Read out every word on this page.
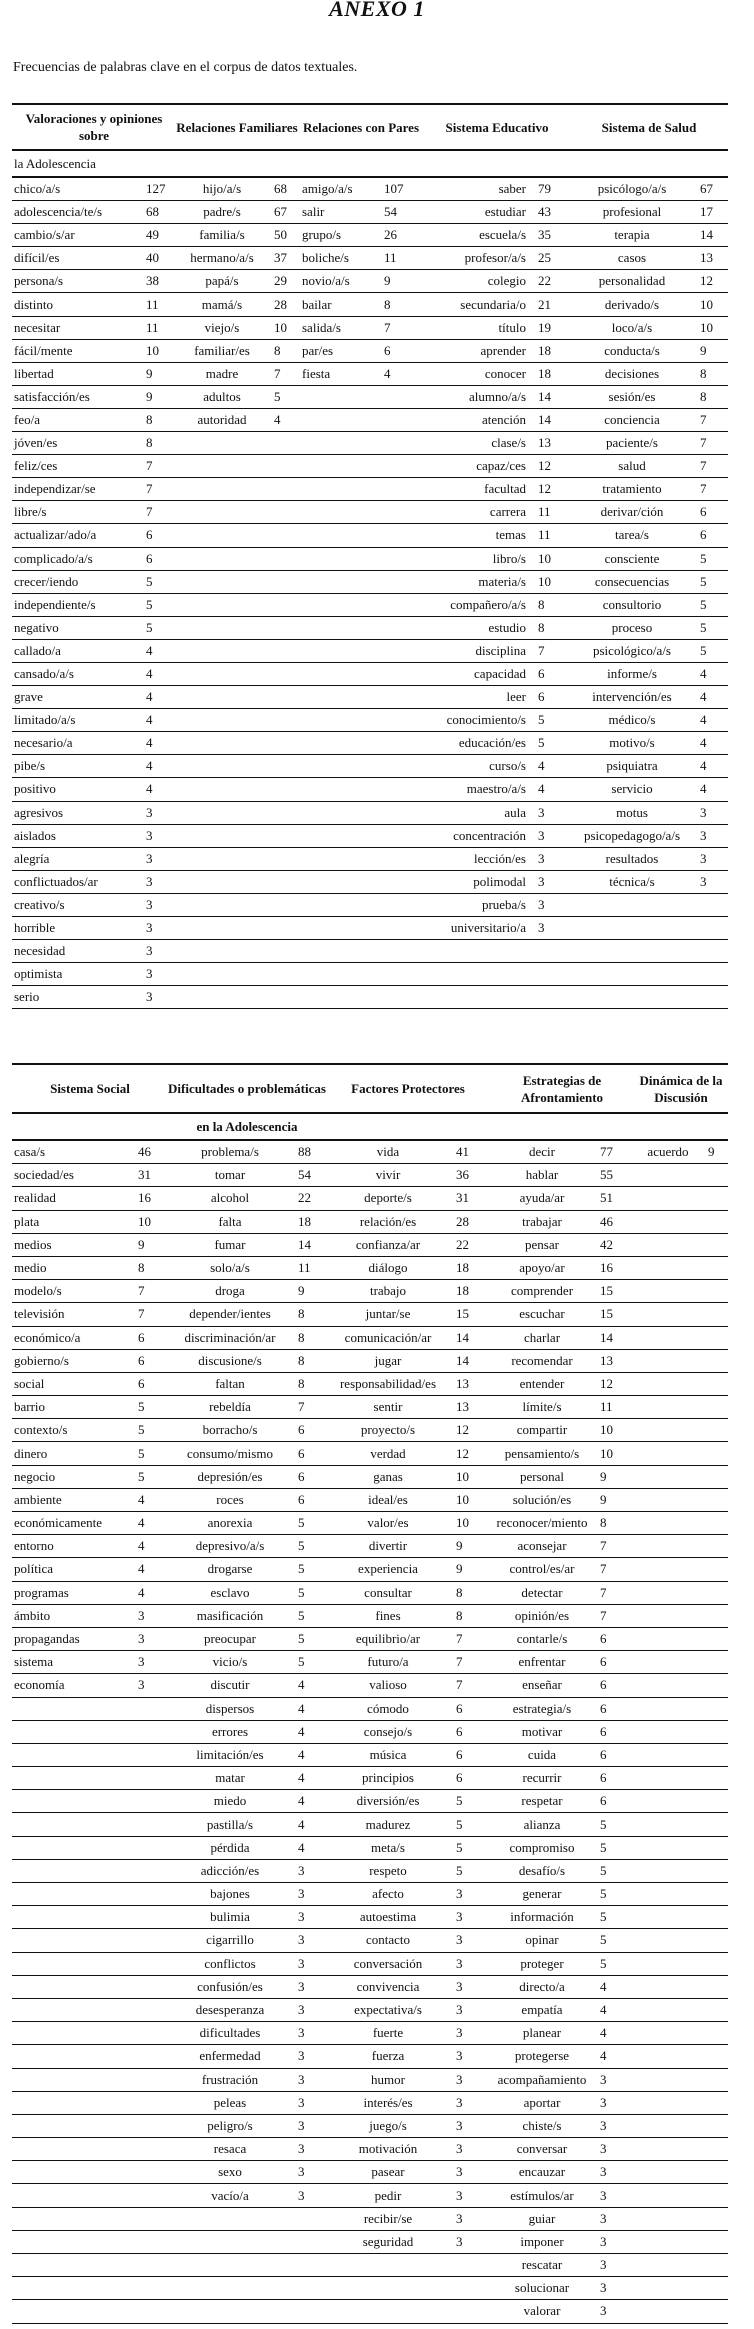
ANEXO 1
Frecuencias de palabras clave en el corpus de datos textuales.
Valoraciones y opiniones sobre		Relaciones Familiares		Relaciones con Pares		Sistema Educativo		Sistema de Salud	
la Adolescencia									
chico/a/s	127	hijo/a/s	68	amigo/a/s	107	saber	79	psicólogo/a/s	67
adolescencia/te/s	68	padre/s	67	salir	54	estudiar	43	profesional	17
cambio/s/ar	49	familia/s	50	grupo/s	26	escuela/s	35	terapia	14
difícil/es	40	hermano/a/s	37	boliche/s	11	profesor/a/s	25	casos	13
persona/s	38	papá/s	29	novio/a/s	9	colegio	22	personalidad	12
distinto	11	mamá/s	28	bailar	8	secundaria/o	21	derivado/s	10
necesitar	11	viejo/s	10	salida/s	7	título	19	loco/a/s	10
fácil/mente	10	familiar/es	8	par/es	6	aprender	18	conducta/s	9
libertad	9	madre	7	fiesta	4	conocer	18	decisiones	8
satisfacción/es	9	adultos	5			alumno/a/s	14	sesión/es	8
feo/a	8	autoridad	4			atención	14	conciencia	7
jóven/es	8					clase/s	13	paciente/s	7
feliz/ces	7					capaz/ces	12	salud	7
independizar/se	7					facultad	12	tratamiento	7
libre/s	7					carrera	11	derivar/ción	6
actualizar/ado/a	6					temas	11	tarea/s	6
complicado/a/s	6					libro/s	10	consciente	5
crecer/iendo	5					materia/s	10	consecuencias	5
independiente/s	5					compañero/a/s	8	consultorio	5
negativo	5					estudio	8	proceso	5
callado/a	4					disciplina	7	psicológico/a/s	5
cansado/a/s	4					capacidad	6	informe/s	4
grave	4					leer	6	intervención/es	4
limitado/a/s	4					conocimiento/s	5	médico/s	4
necesario/a	4					educación/es	5	motivo/s	4
pibe/s	4					curso/s	4	psiquiatra	4
positivo	4					maestro/a/s	4	servicio	4
agresivos	3					aula	3	motus	3
aislados	3					concentración	3	psicopedagogo/a/s	3
alegría	3					lección/es	3	resultados	3
conflictuados/ar	3					polimodal	3	técnica/s	3
creativo/s	3					prueba/s	3		
horrible	3					universitario/a	3		
necesidad	3								
optimista	3								
serio	3								
Sistema Social		Dificultades o problemáticas		Factores Protectores		Estrategias de Afrontamiento		Dinámica de la Discusión	
		en la Adolescencia							
casa/s	46	problema/s	88	vida	41	decir	77	acuerdo	9
sociedad/es	31	tomar	54	vivir	36	hablar	55		
realidad	16	alcohol	22	deporte/s	31	ayuda/ar	51		
plata	10	falta	18	relación/es	28	trabajar	46		
medios	9	fumar	14	confianza/ar	22	pensar	42		
medio	8	solo/a/s	11	diálogo	18	apoyo/ar	16		
modelo/s	7	droga	9	trabajo	18	comprender	15		
televisión	7	depender/ientes	8	juntar/se	15	escuchar	15		
económico/a	6	discriminación/ar	8	comunicación/ar	14	charlar	14		
gobierno/s	6	discusione/s	8	jugar	14	recomendar	13		
social	6	faltan	8	responsabilidad/es	13	entender	12		
barrio	5	rebeldía	7	sentir	13	límite/s	11		
contexto/s	5	borracho/s	6	proyecto/s	12	compartir	10		
dinero	5	consumo/mismo	6	verdad	12	pensamiento/s	10		
negocio	5	depresión/es	6	ganas	10	personal	9		
ambiente	4	roces	6	ideal/es	10	solución/es	9		
económicamente	4	anorexia	5	valor/es	10	reconocer/miento	8		
entorno	4	depresivo/a/s	5	divertir	9	aconsejar	7		
política	4	drogarse	5	experiencia	9	control/es/ar	7		
programas	4	esclavo	5	consultar	8	detectar	7		
ámbito	3	masificación	5	fines	8	opinión/es	7		
propagandas	3	preocupar	5	equilibrio/ar	7	contarle/s	6		
sistema	3	vicio/s	5	futuro/a	7	enfrentar	6		
economía	3	discutir	4	valioso	7	enseñar	6		
		dispersos	4	cómodo	6	estrategia/s	6		
		errores	4	consejo/s	6	motivar	6		
		limitación/es	4	música	6	cuida	6		
		matar	4	principios	6	recurrir	6		
		miedo	4	diversión/es	5	respetar	6		
		pastilla/s	4	madurez	5	alianza	5		
		pérdida	4	meta/s	5	compromiso	5		
		adicción/es	3	respeto	5	desafío/s	5		
		bajones	3	afecto	3	generar	5		
		bulimia	3	autoestima	3	información	5		
		cigarrillo	3	contacto	3	opinar	5		
		conflictos	3	conversación	3	proteger	5		
		confusión/es	3	convivencia	3	directo/a	4		
		desesperanza	3	expectativa/s	3	empatía	4		
		dificultades	3	fuerte	3	planear	4		
		enfermedad	3	fuerza	3	protegerse	4		
		frustración	3	humor	3	acompañamiento	3		
		peleas	3	interés/es	3	aportar	3		
		peligro/s	3	juego/s	3	chiste/s	3		
		resaca	3	motivación	3	conversar	3		
		sexo	3	pasear	3	encauzar	3		
		vacío/a	3	pedir	3	estímulos/ar	3		
				recibir/se	3	guiar	3		
				seguridad	3	imponer	3		
						rescatar	3		
						solucionar	3		
						valorar	3		
